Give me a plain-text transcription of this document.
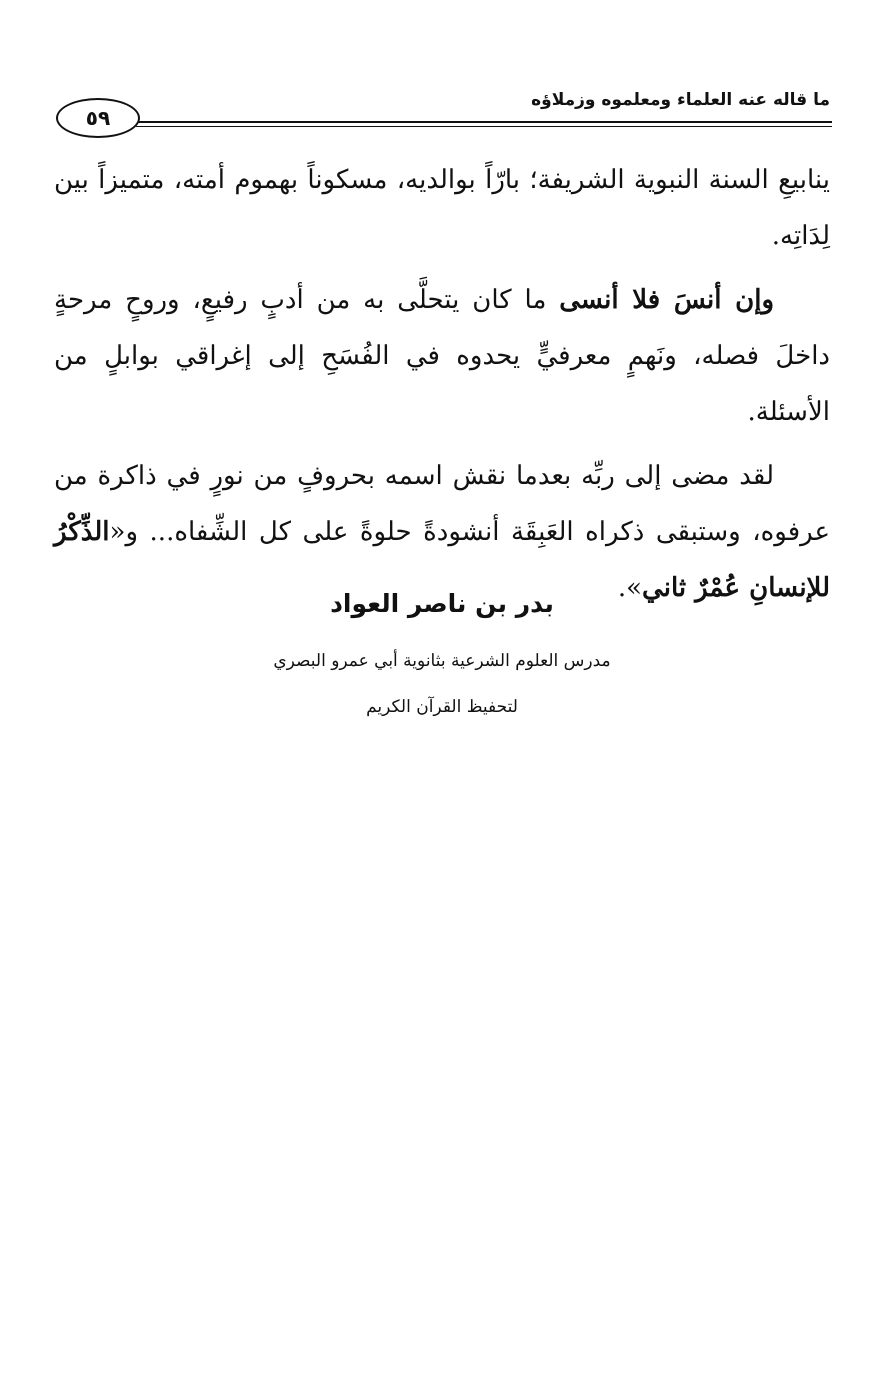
ما قاله عنه العلماء ومعلموه وزملاؤه
٥٩

ينابيعِ السنة النبوية الشريفة؛ بارّاً بوالديه، مسكوناً بهموم أمته، متميزاً بين لِدَاتِه.

وإن أنسَ فلا أنسى ما كان يتحلَّى به من أدبٍ رفيعٍ، وروحٍ مرحةٍ داخلَ فصله، ونَهمٍ معرفيٍّ يحدوه في الفُسَحِ إلى إغراقي بوابلٍ من الأسئلة.

لقد مضى إلى ربِّه بعدما نقش اسمه بحروفٍ من نورٍ في ذاكرة من عرفوه، وستبقى ذكراه العَبِقَة أنشودةً حلوةً على كل الشِّفاه... و«الذِّكْرُ للإنسانِ عُمْرٌ ثاني».

بدر بن ناصر العواد
مدرس العلوم الشرعية بثانوية أبي عمرو البصري
لتحفيظ القرآن الكريم
